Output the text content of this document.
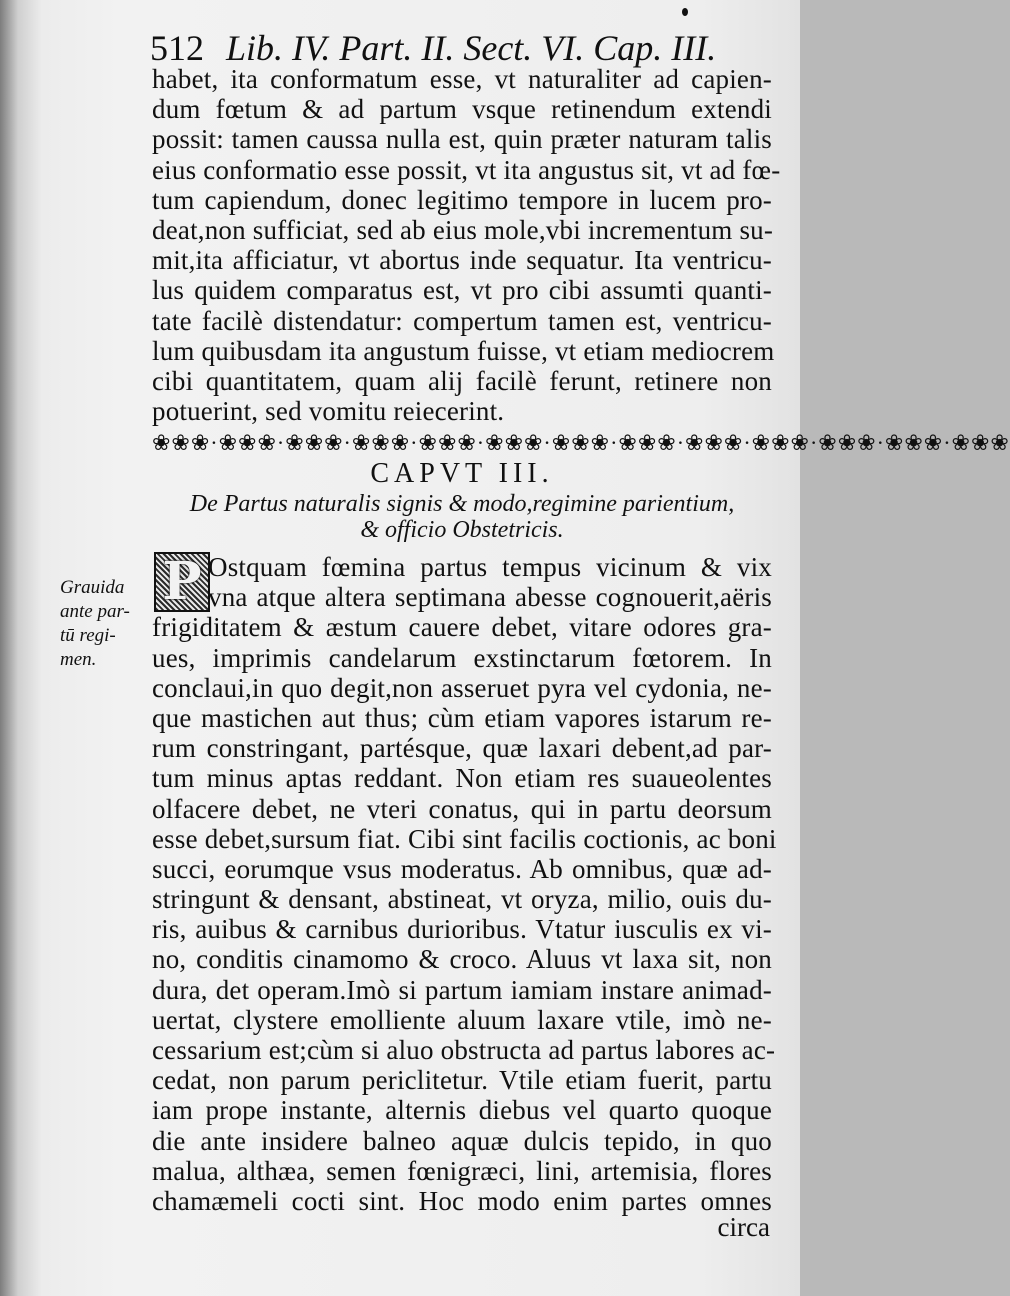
512 Lib. IV. Part. II. Sect. VI. Cap. III.
habet, ita conformatum esse, vt naturaliter ad capien-
dum fœtum & ad partum vsque retinendum extendi
possit: tamen caussa nulla est, quin præter naturam talis
eius conformatio esse possit, vt ita angustus sit, vt ad fœ-
tum capiendum, donec legitimo tempore in lucem pro-
deat,non sufficiat, sed ab eius mole,vbi incrementum su-
mit,ita afficiatur, vt abortus inde sequatur. Ita ventricu-
lus quidem comparatus est, vt pro cibi assumti quanti-
tate facilè distendatur: compertum tamen est, ventricu-
lum quibusdam ita angustum fuisse, vt etiam mediocrem
cibi quantitatem, quam alij facilè ferunt, retinere non
potuerint, sed vomitu reiecerint.
❀❀❀·❀❀❀·❀❀❀·❀❀❀·❀❀❀·❀❀❀·❀❀❀·❀❀❀·❀❀❀·❀❀❀·❀❀❀·❀❀❀·❀❀❀
CAPVT III.
De Partus naturalis signis & modo,regimine parientium,
& officio Obstetricis.
P
Grauida
ante par-
tū regi-
men.
Ostquam fœmina partus tempus vicinum & vix
vna atque altera septimana abesse cognouerit,aëris
frigiditatem & æstum cauere debet, vitare odores gra-
ues, imprimis candelarum exstinctarum fœtorem. In
conclaui,in quo degit,non asseruet pyra vel cydonia, ne-
que mastichen aut thus; cùm etiam vapores istarum re-
rum constringant, partésque, quæ laxari debent,ad par-
tum minus aptas reddant. Non etiam res suaueolentes
olfacere debet, ne vteri conatus, qui in partu deorsum
esse debet,sursum fiat. Cibi sint facilis coctionis, ac boni
succi, eorumque vsus moderatus. Ab omnibus, quæ ad-
stringunt & densant, abstineat, vt oryza, milio, ouis du-
ris, auibus & carnibus durioribus. Vtatur iusculis ex vi-
no, conditis cinamomo & croco. Aluus vt laxa sit, non
dura, det operam.Imò si partum iamiam instare animad-
uertat, clystere emolliente aluum laxare vtile, imò ne-
cessarium est;cùm si aluo obstructa ad partus labores ac-
cedat, non parum periclitetur. Vtile etiam fuerit, partu
iam prope instante, alternis diebus vel quarto quoque
die ante insidere balneo aquæ dulcis tepido, in quo
malua, althæa, semen fœnigræci, lini, artemisia, flores
chamæmeli cocti sint. Hoc modo enim partes omnes
circa
